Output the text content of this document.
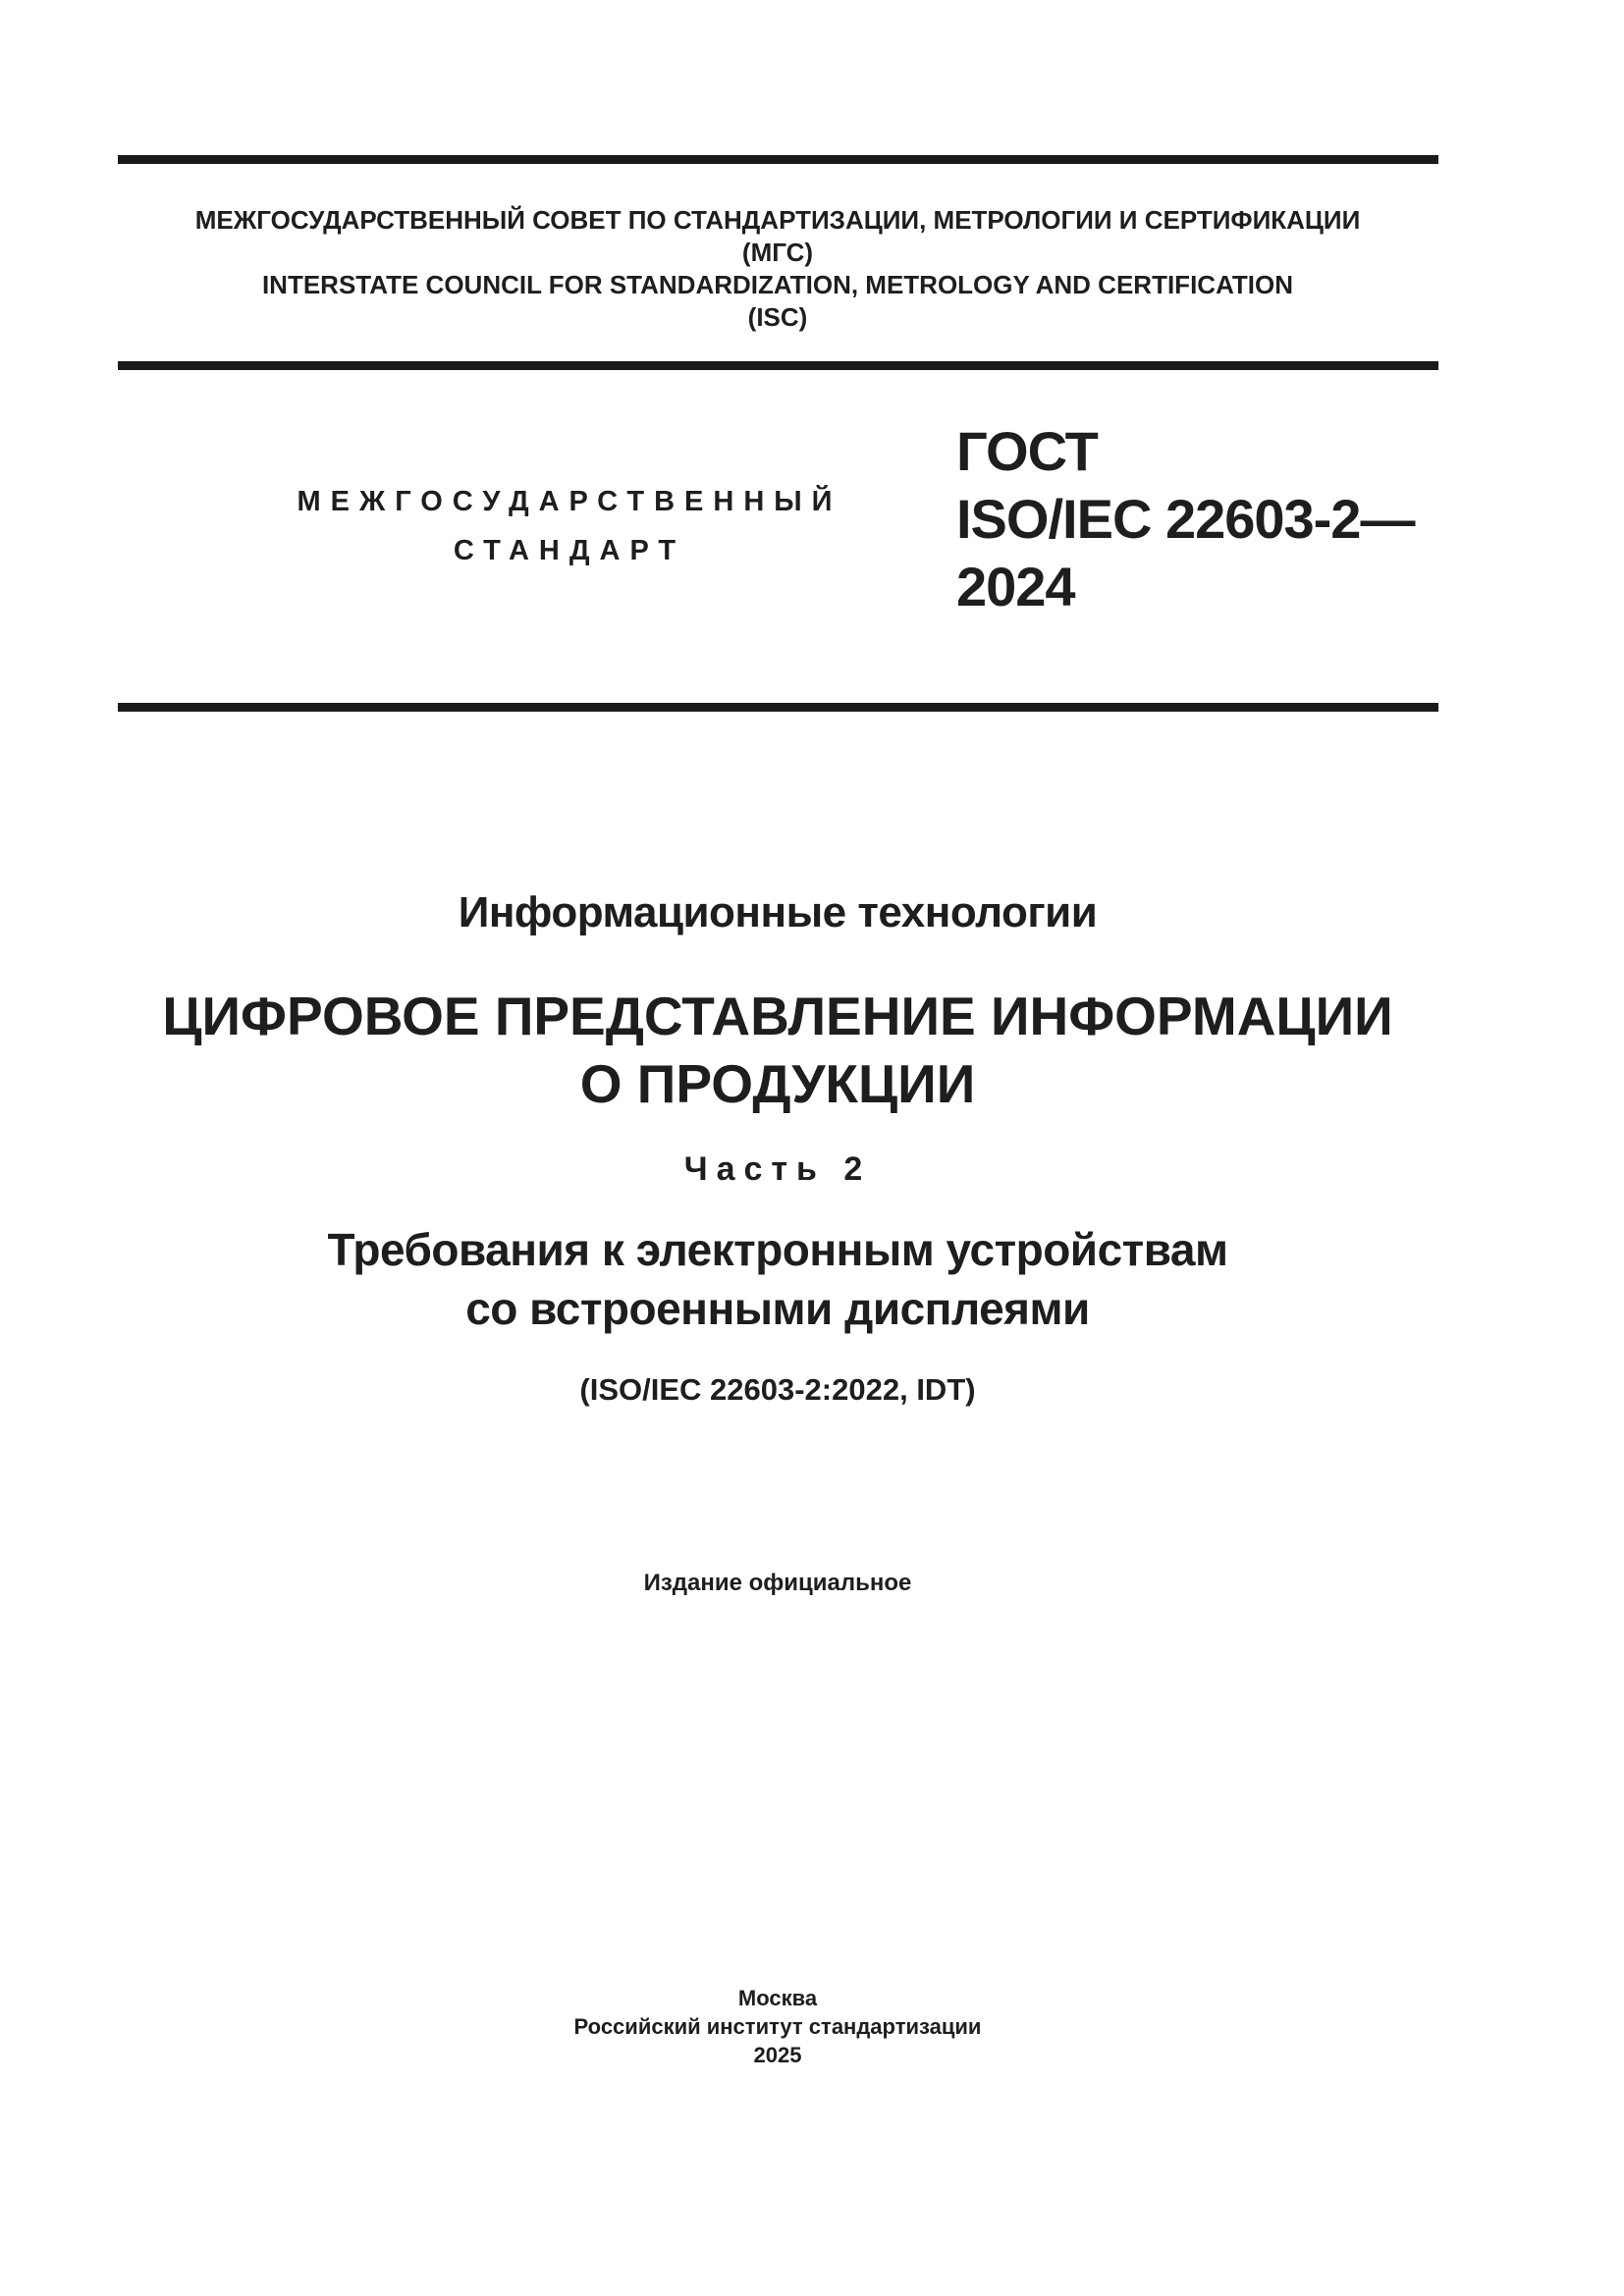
МЕЖГОСУДАРСТВЕННЫЙ СОВЕТ ПО СТАНДАРТИЗАЦИИ, МЕТРОЛОГИИ И СЕРТИФИКАЦИИ
(МГС)
INTERSTATE COUNCIL FOR STANDARDIZATION, METROLOGY AND CERTIFICATION
(ISC)
МЕЖГОСУДАРСТВЕННЫЙ
СТАНДАРТ
ГОСТ
ISO/IEC 22603-2—
2024
Информационные технологии
ЦИФРОВОЕ ПРЕДСТАВЛЕНИЕ ИНФОРМАЦИИ
О ПРОДУКЦИИ
Часть 2
Требования к электронным устройствам
со встроенными дисплеями
(ISO/IEC 22603-2:2022, IDT)
Издание официальное
Москва
Российский институт стандартизации
2025
